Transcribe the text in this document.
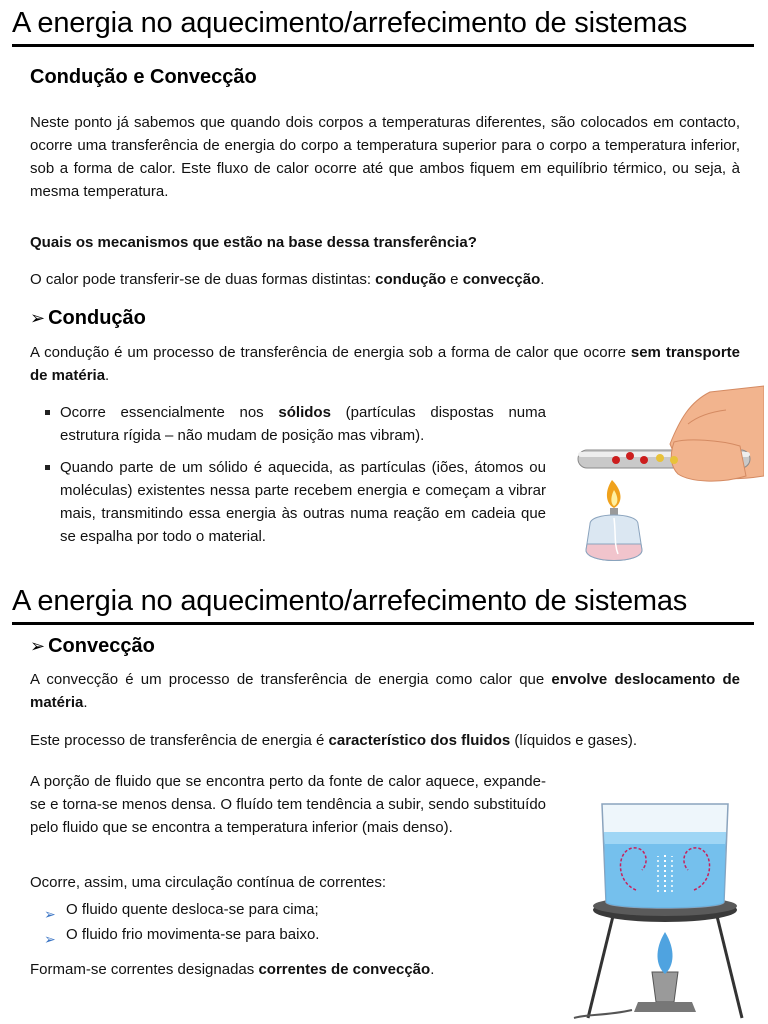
A energia no aquecimento/arrefecimento de sistemas
Condução e Convecção

Neste ponto já sabemos que quando dois corpos a temperaturas diferentes, são colocados em contacto, ocorre uma transferência de energia do corpo a temperatura superior para o corpo a temperatura inferior, sob a forma de calor. Este fluxo de calor ocorre até que ambos fiquem em equilíbrio térmico, ou seja, à mesma temperatura.

Quais os mecanismos que estão na base dessa transferência?

O calor pode transferir-se de duas formas distintas: condução e convecção.

➢ Condução

A condução é um processo de transferência de energia sob a forma de calor que ocorre sem transporte de matéria.

Ocorre essencialmente nos sólidos (partículas dispostas numa estrutura rígida – não mudam de posição mas vibram).
Quando parte de um sólido é aquecida, as partículas (iões, átomos ou moléculas) existentes nessa parte recebem energia e começam a vibrar mais, transmitindo essa energia às outras numa reação em cadeia que se espalha por todo o material.
A energia no aquecimento/arrefecimento de sistemas
➢ Convecção

A convecção é um processo de transferência de energia como calor que envolve deslocamento de matéria.

Este processo de transferência de energia é característico dos fluidos (líquidos e gases).

A porção de fluido que se encontra perto da fonte de calor aquece, expande-se e torna-se menos densa. O fluído tem tendência a subir, sendo substituído pelo fluido que se encontra a temperatura inferior (mais denso).

Ocorre, assim, uma circulação contínua de correntes:

➢ O fluido quente desloca-se para cima;
➢ O fluido frio movimenta-se para baixo.

Formam-se correntes designadas correntes de convecção.
